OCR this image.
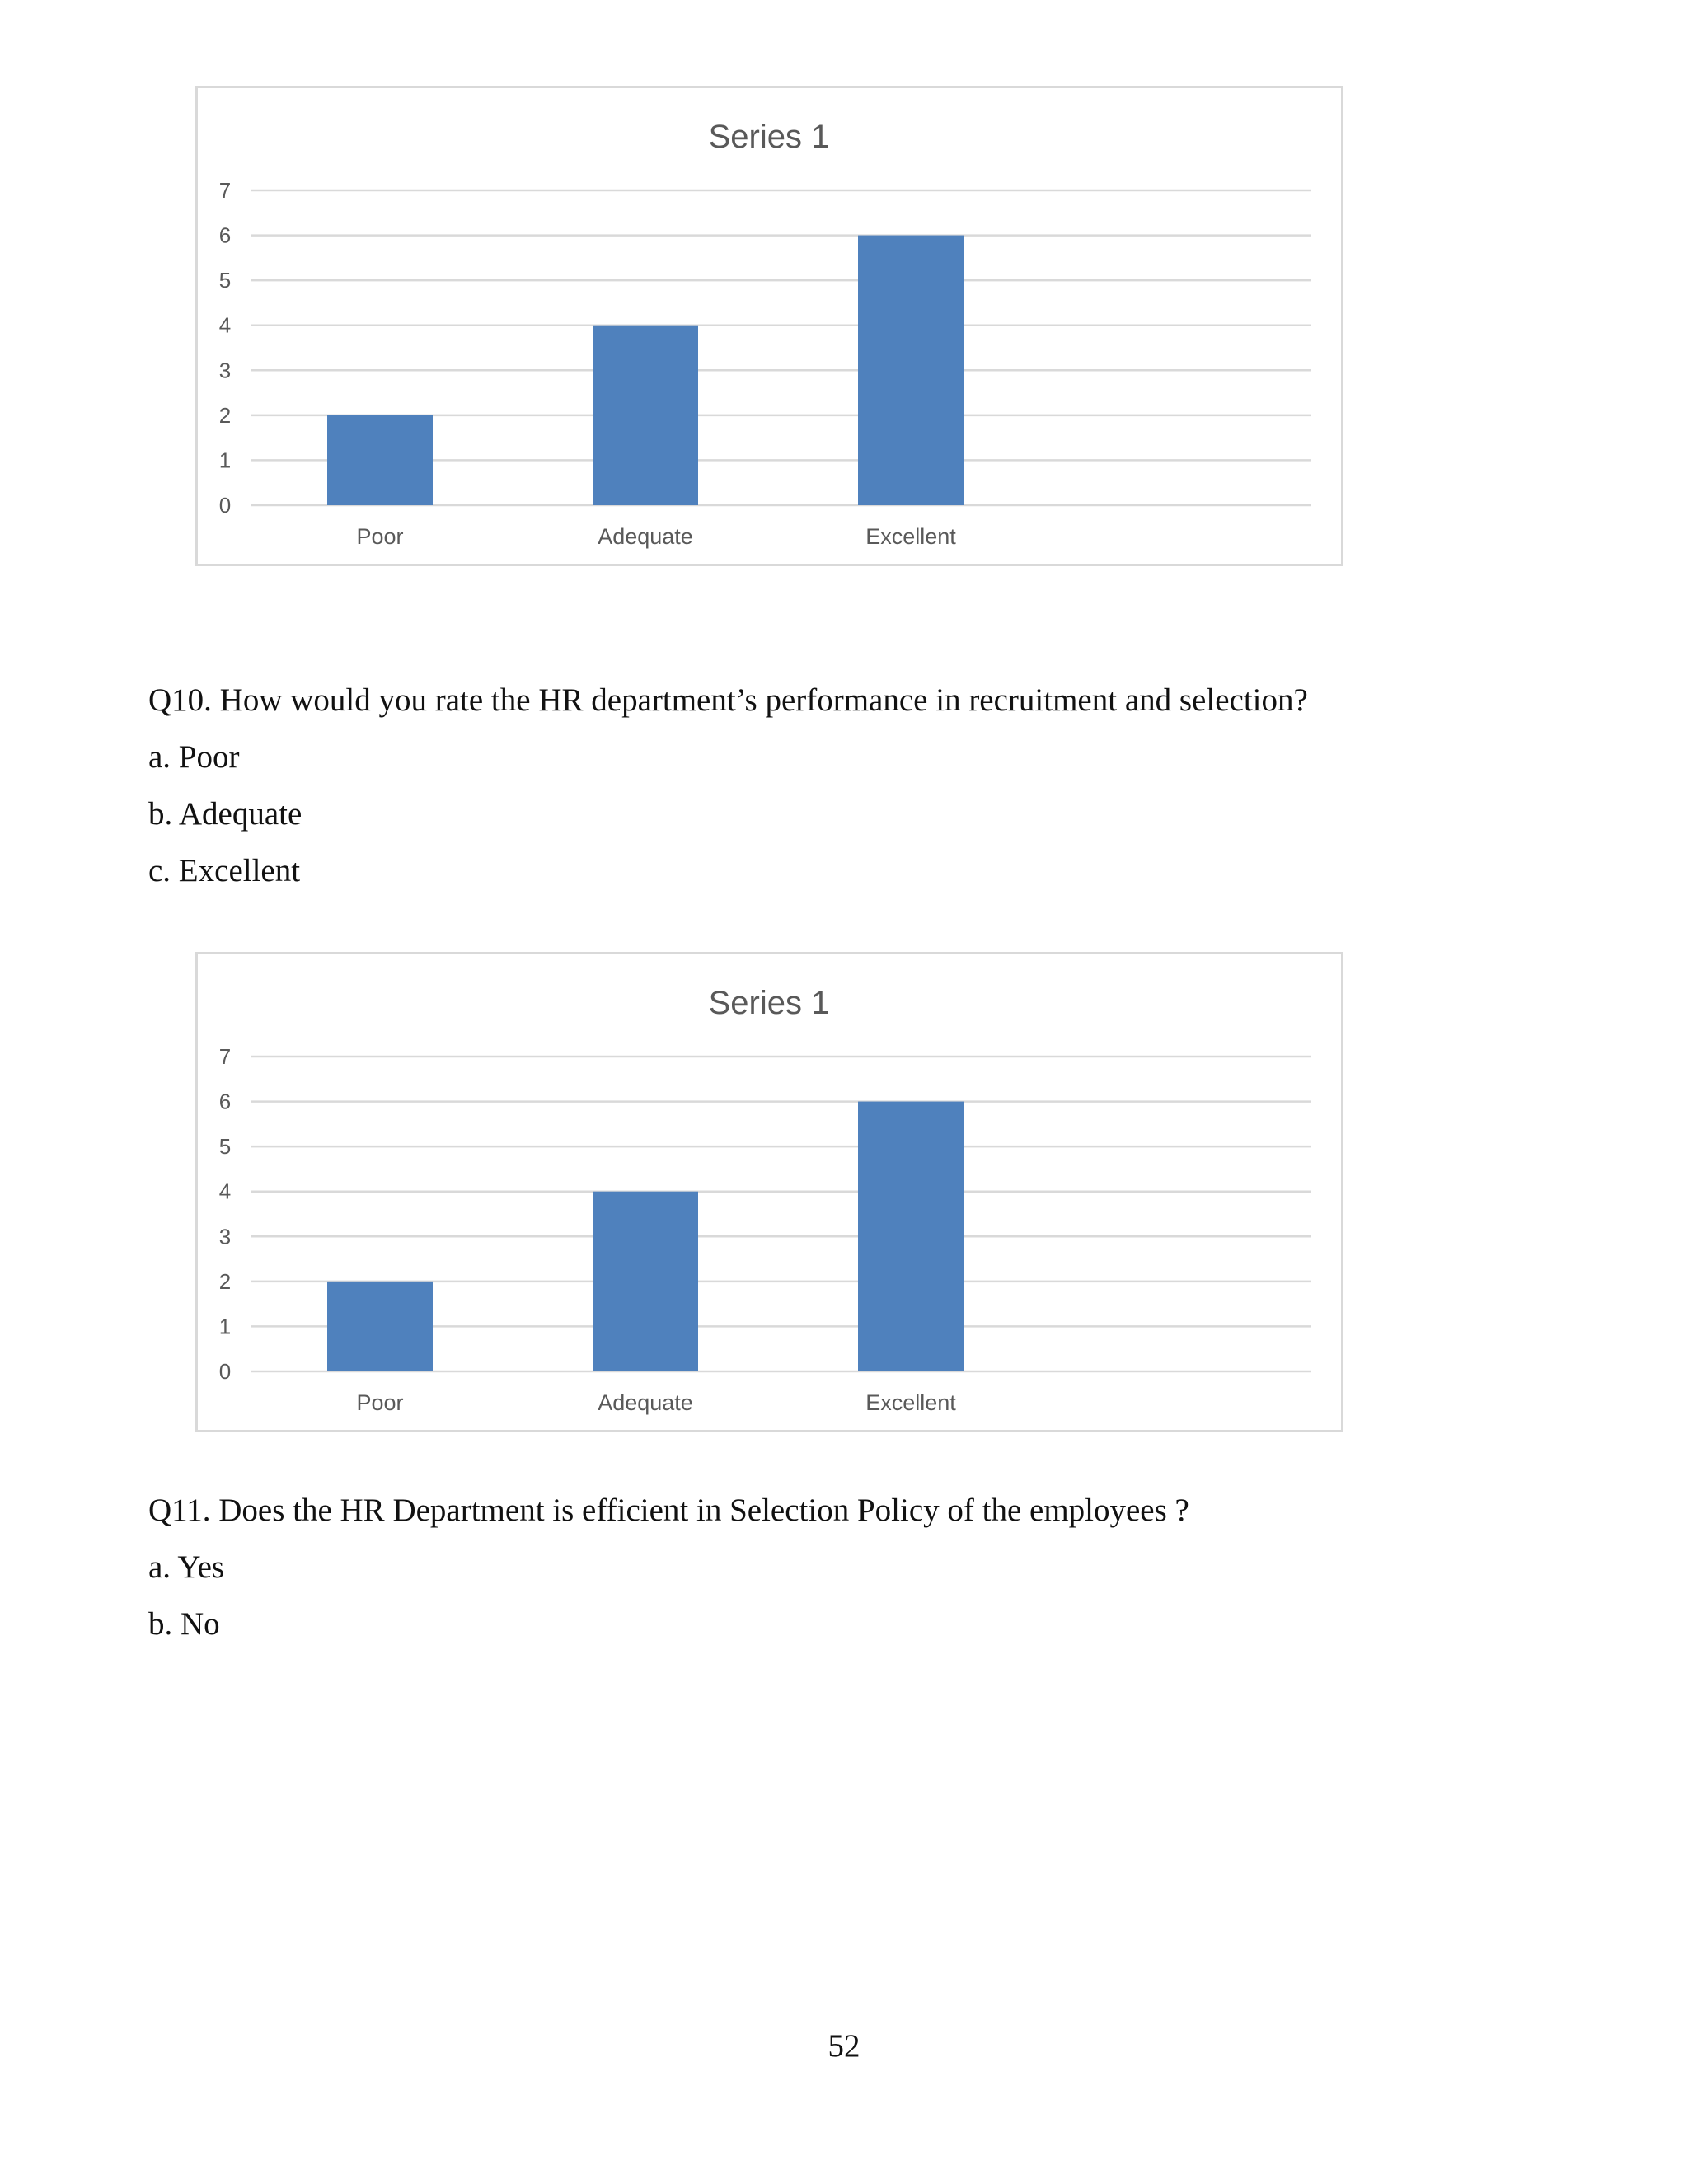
Series 1
0
1
2
3
4
5
6
7
Poor	Adequate	Excellent
Q10. How would you rate the HR department’s performance in recruitment and selection?
a. Poor
b. Adequate
c. Excellent
Series 1
0
1
2
3
4
5
6
7
Poor	Adequate	Excellent
Q11. Does the HR Department is efficient in Selection Policy of the employees ?
a. Yes
b. No
52
